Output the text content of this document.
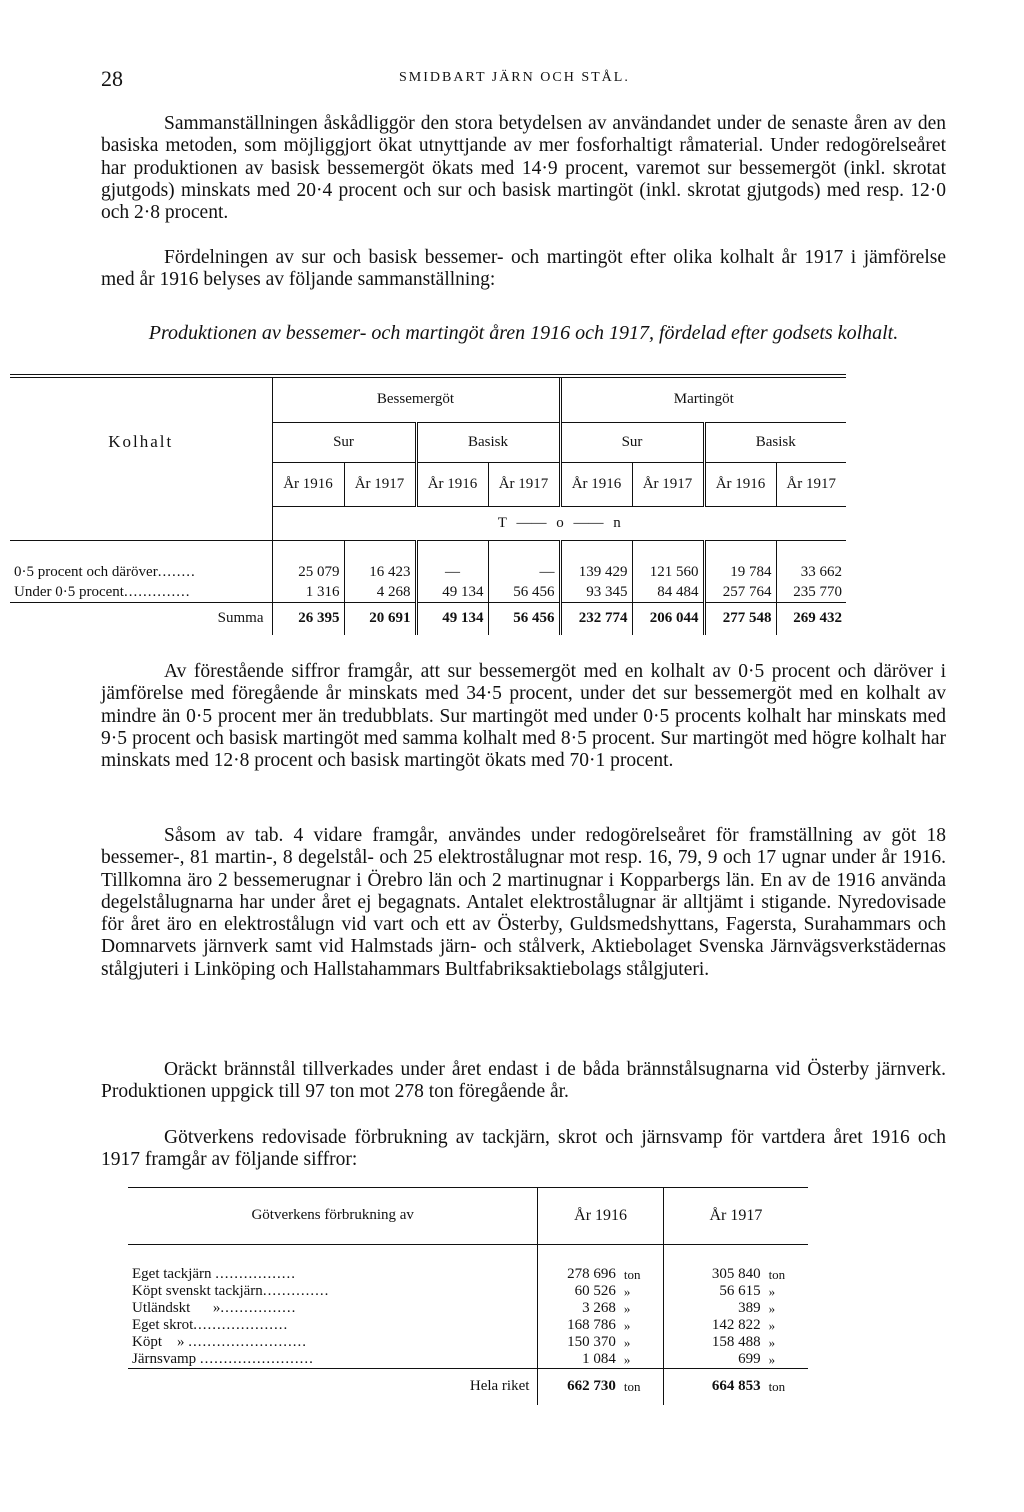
28	SMIDBART JÄRN OCH STÅL.

Sammanställningen åskådliggör den stora betydelsen av användandet under de senaste åren av den basiska metoden, som möjliggjort ökat utnyttjande av mer fosforhaltigt råmaterial. Under redogörelseåret har produktionen av basisk bessemergöt ökats med 14·9 procent, varemot sur bessemergöt (inkl. skrotat gjutgods) minskats med 20·4 procent och sur och basisk martingöt (inkl. skrotat gjutgods) med resp. 12·0 och 2·8 procent.

Fördelningen av sur och basisk bessemer- och martingöt efter olika kolhalt år 1917 i jämförelse med år 1916 belyses av följande sammanställning:

Produktionen av bessemer- och martingöt åren 1916 och 1917, fördelad efter godsets kolhalt.

Kolhalt	Bessemergöt				Martingöt			
	Sur		Basisk		Sur		Basisk	
	År 1916	År 1917	År 1916	År 1917	År 1916	År 1917	År 1916	År 1917
	T —— o —— n							

0·5 procent och däröver........	25 079	16 423	—	—	139 429	121 560	19 784	33 662
Under 0·5 procent..............	1 316	4 268	49 134	56 456	93 345	84 484	257 764	235 770
Summa	26 395	20 691	49 134	56 456	232 774	206 044	277 548	269 432

Av förestående siffror framgår, att sur bessemergöt med en kolhalt av 0·5 procent och däröver i jämförelse med föregående år minskats med 34·5 procent, under det sur bessemergöt med en kolhalt av mindre än 0·5 procent mer än tredubblats. Sur martingöt med under 0·5 procents kolhalt har minskats med 9·5 procent och basisk martingöt med samma kolhalt med 8·5 procent. Sur martingöt med högre kolhalt har minskats med 12·8 procent och basisk martingöt ökats med 70·1 procent.

Såsom av tab. 4 vidare framgår, användes under redogörelseåret för framställning av göt 18 bessemer-, 81 martin-, 8 degelstål- och 25 elektrostålugnar mot resp. 16, 79, 9 och 17 ugnar under år 1916. Tillkomna äro 2 bessemerugnar i Örebro län och 2 martinugnar i Kopparbergs län. En av de 1916 använda degelstålugnarna har under året ej begagnats. Antalet elektrostålugnar är alltjämt i stigande. Nyredovisade för året äro en elektrostålugn vid vart och ett av Österby, Guldsmedshyttans, Fagersta, Surahammars och Domnarvets järnverk samt vid Halmstads järn- och stålverk, Aktiebolaget Svenska Järnvägsverkstädernas stålgjuteri i Linköping och Hallstahammars Bultfabriksaktiebolags stålgjuteri.

Oräckt brännstål tillverkades under året endast i de båda brännstålsugnarna vid Österby järnverk. Produktionen uppgick till 97 ton mot 278 ton föregående år.

Götverkens redovisade förbrukning av tackjärn, skrot och järnsvamp för vartdera året 1916 och 1917 framgår av följande siffror:

Götverkens förbrukning av	År 1916		År 1917	

Eget tackjärn .................	278 696	ton	305 840	ton
Köpt svenskt tackjärn..............	60 526	»	56 615	»
Utländskt      »................	3 268	»	389	»
Eget skrot....................	168 786	»	142 822	»
Köpt    » .........................	150 370	»	158 488	»
Järnsvamp ........................	1 084	»	699	»
Hela riket	662 730	ton	664 853	ton
